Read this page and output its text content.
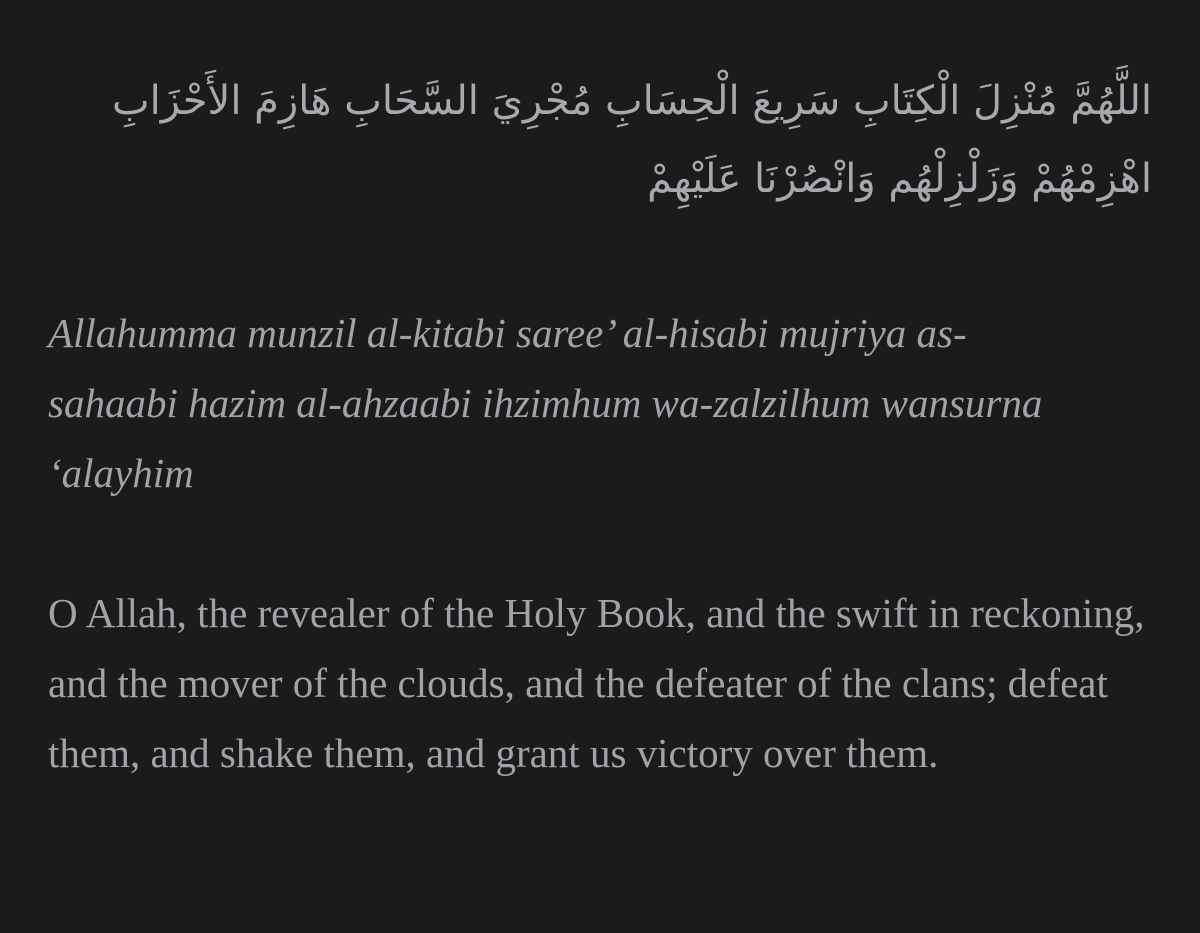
اللَّهُمَّ مُنْزِلَ الْكِتَابِ سَرِيعَ الْحِسَابِ مُجْرِيَ السَّحَابِ هَازِمَ الأَحْزَابِ اهْزِمْهُمْ وَزَلْزِلْهُم وَانْصُرْنَا عَلَيْهِمْ

Allahumma munzil al-kitabi saree’ al-hisabi mujriya as-sahaabi hazim al-ahzaabi ihzimhum wa-zalzilhum wansurna ‘alayhim

O Allah, the revealer of the Holy Book, and the swift in reckoning, and the mover of the clouds, and the defeater of the clans; defeat them, and shake them, and grant us victory over them.
